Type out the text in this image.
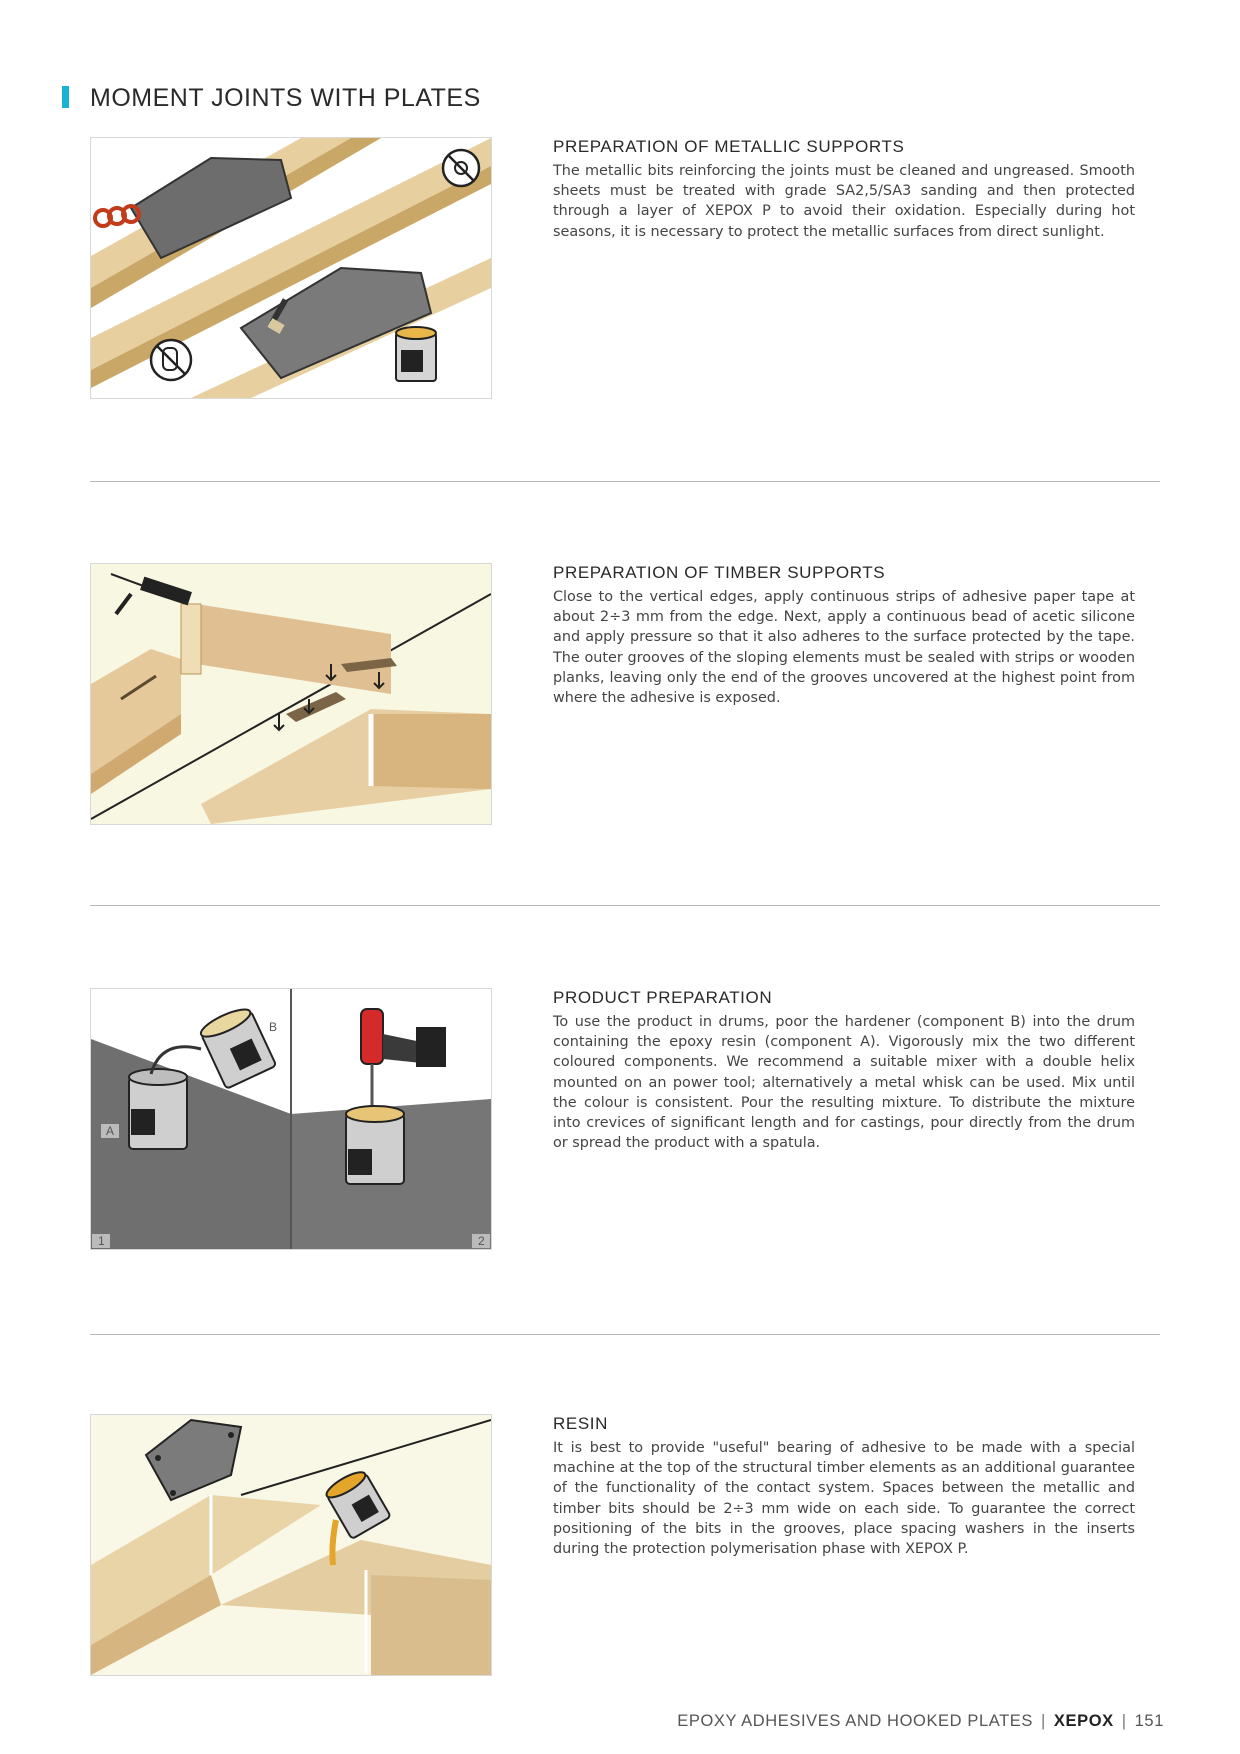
MOMENT JOINTS WITH PLATES
PREPARATION OF METALLIC SUPPORTS

The metallic bits reinforcing the joints must be cleaned and ungreased. Smooth sheets must be treated with grade SA2,5/SA3 sanding and then protected through a layer of XEPOX P to avoid their oxidation. Especially during hot seasons, it is necessary to protect the metallic surfaces from direct sunlight.

PREPARATION OF TIMBER SUPPORTS

Close to the vertical edges, apply continuous strips of adhesive paper tape at about 2÷3 mm from the edge. Next, apply a continuous bead of acetic silicone and apply pressure so that it also adheres to the surface protected by the tape. The outer grooves of the sloping elements must be sealed with strips or wooden planks, leaving only the end of the grooves uncovered at the highest point from where the adhesive is exposed.

A
B
1	2
PRODUCT PREPARATION

To use the product in drums, poor the hardener (component B) into the drum containing the epoxy resin (component A). Vigorously mix the two different coloured components. We recommend a suitable mixer with a double helix mounted on an power tool; alternatively a metal whisk can be used. Mix until the colour is consistent. Pour the resulting mixture. To distribute the mixture into crevices of significant length and for castings, pour directly from the drum or spread the product with a spatula.

RESIN

It is best to provide "useful" bearing of adhesive to be made with a special machine at the top of the structural timber elements as an additional guarantee of the functionality of the contact system. Spaces between the metallic and timber bits should be 2÷3 mm wide on each side. To guarantee the correct positioning of the bits in the grooves, place spacing washers in the inserts during the protection polymerisation phase with XEPOX P.

EPOXY ADHESIVES AND HOOKED PLATES | XEPOX | 151
